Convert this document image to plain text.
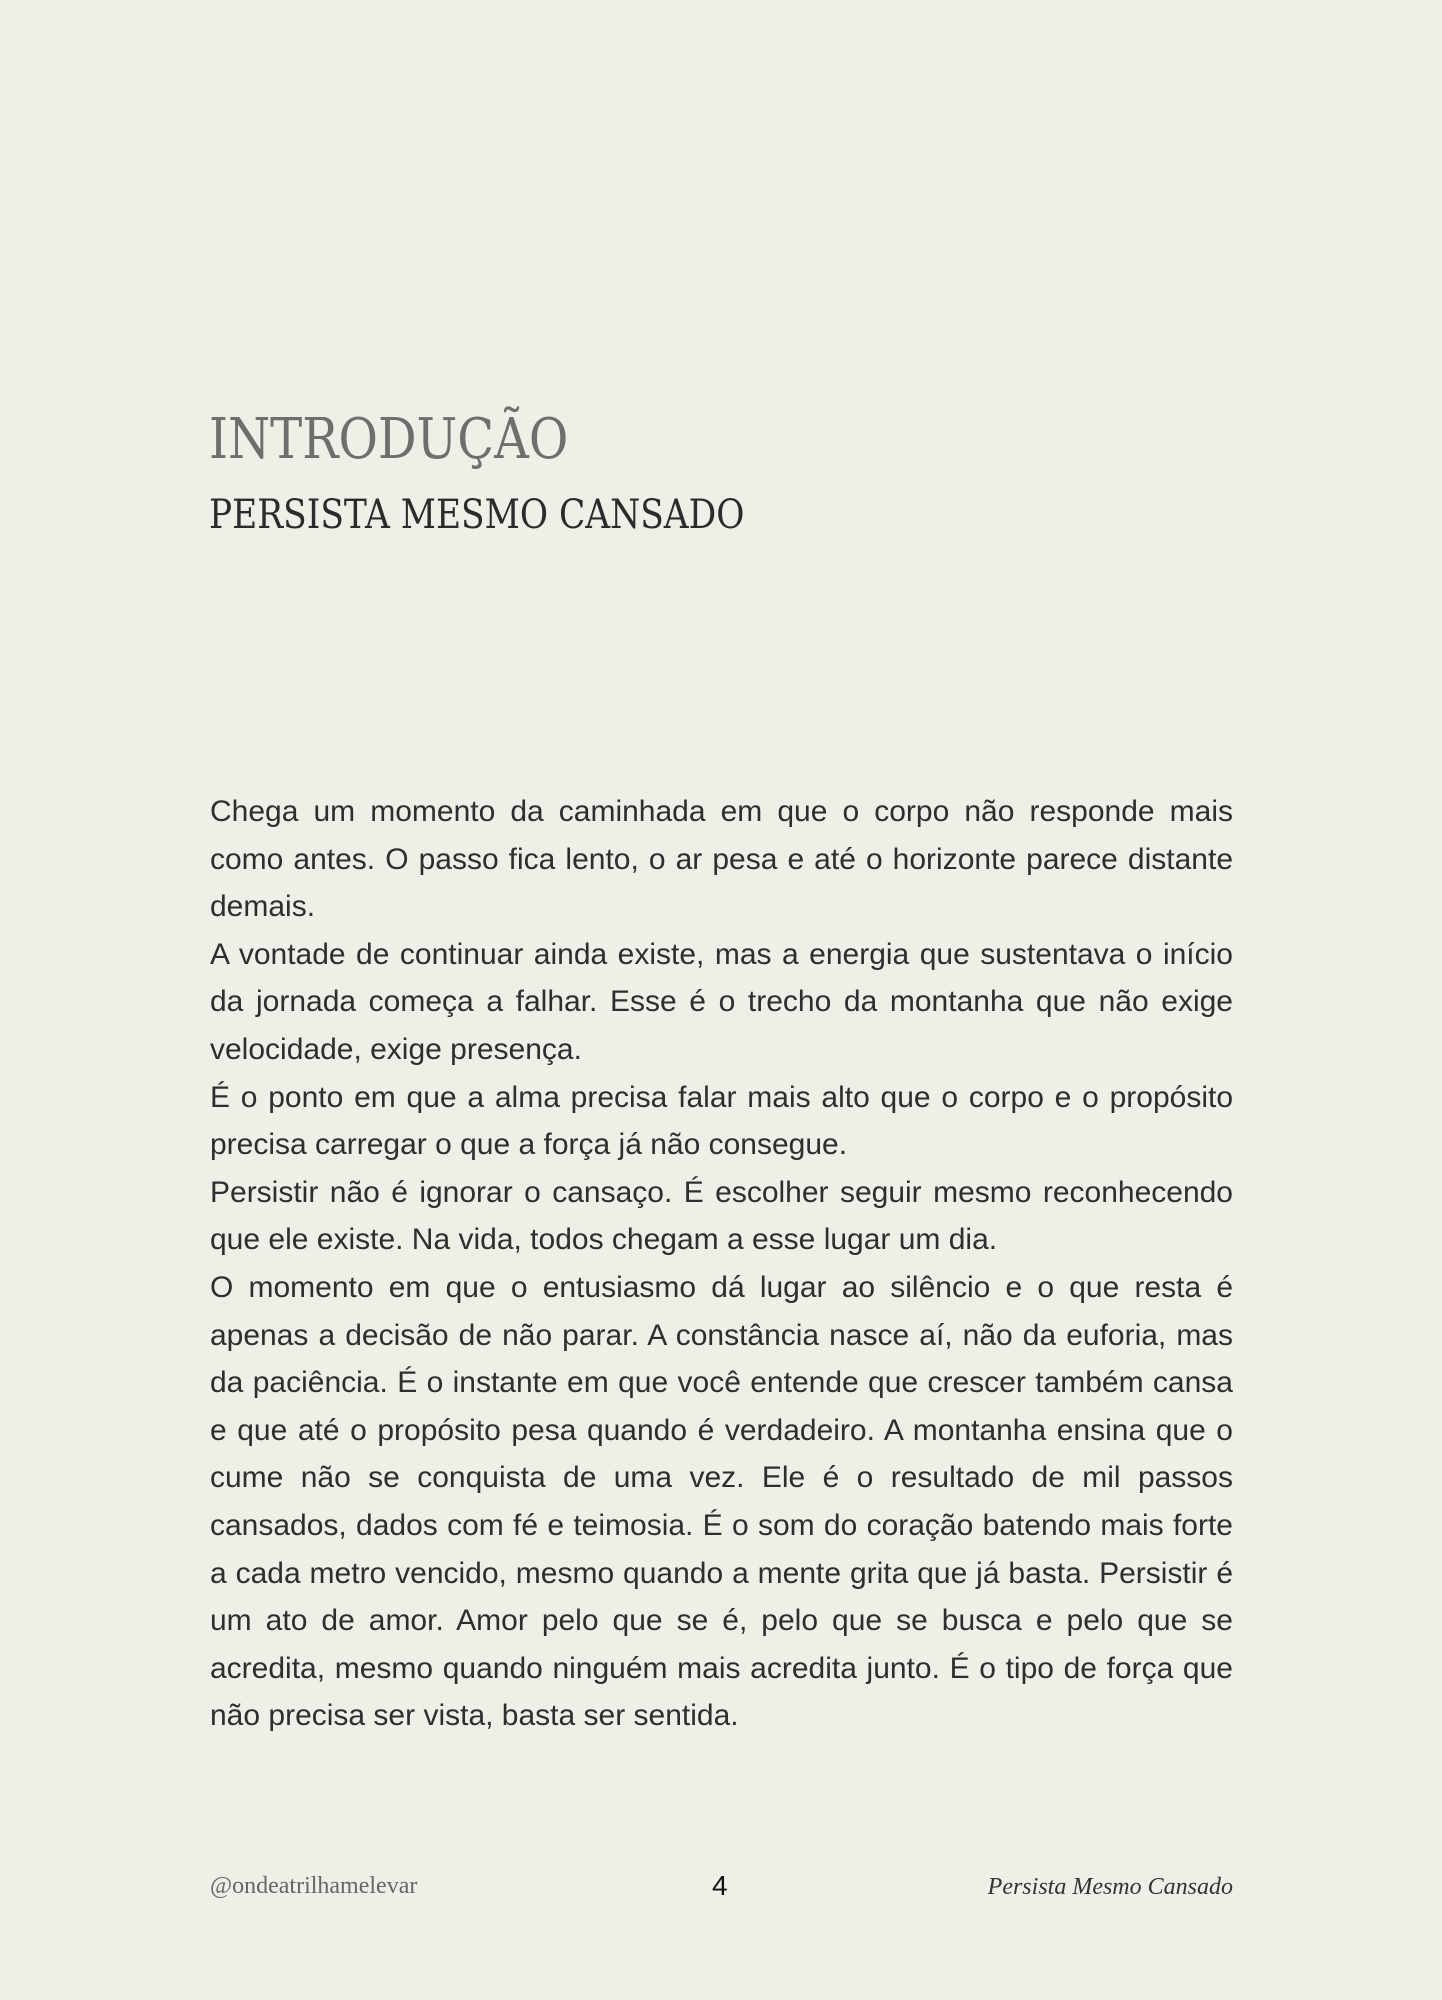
INTRODUÇÃO
PERSISTA MESMO CANSADO

Chega um momento da caminhada em que o corpo não responde mais como antes. O passo fica lento, o ar pesa e até o horizonte parece distante demais.

A vontade de continuar ainda existe, mas a energia que sustentava o início da jornada começa a falhar. Esse é o trecho da montanha que não exige velocidade, exige presença.

É o ponto em que a alma precisa falar mais alto que o corpo e o propósito precisa carregar o que a força já não consegue.

Persistir não é ignorar o cansaço. É escolher seguir mesmo reconhecendo que ele existe. Na vida, todos chegam a esse lugar um dia.

O momento em que o entusiasmo dá lugar ao silêncio e o que resta é apenas a decisão de não parar. A constância nasce aí, não da euforia, mas da paciência. É o instante em que você entende que crescer também cansa e que até o propósito pesa quando é verdadeiro. A montanha ensina que o cume não se conquista de uma vez. Ele é o resultado de mil passos cansados, dados com fé e teimosia. É o som do coração batendo mais forte a cada metro vencido, mesmo quando a mente grita que já basta. Persistir é um ato de amor. Amor pelo que se é, pelo que se busca e pelo que se acredita, mesmo quando ninguém mais acredita junto. É o tipo de força que não precisa ser vista, basta ser sentida.

@ondeatrilhamelevar	4	Persista Mesmo Cansado
